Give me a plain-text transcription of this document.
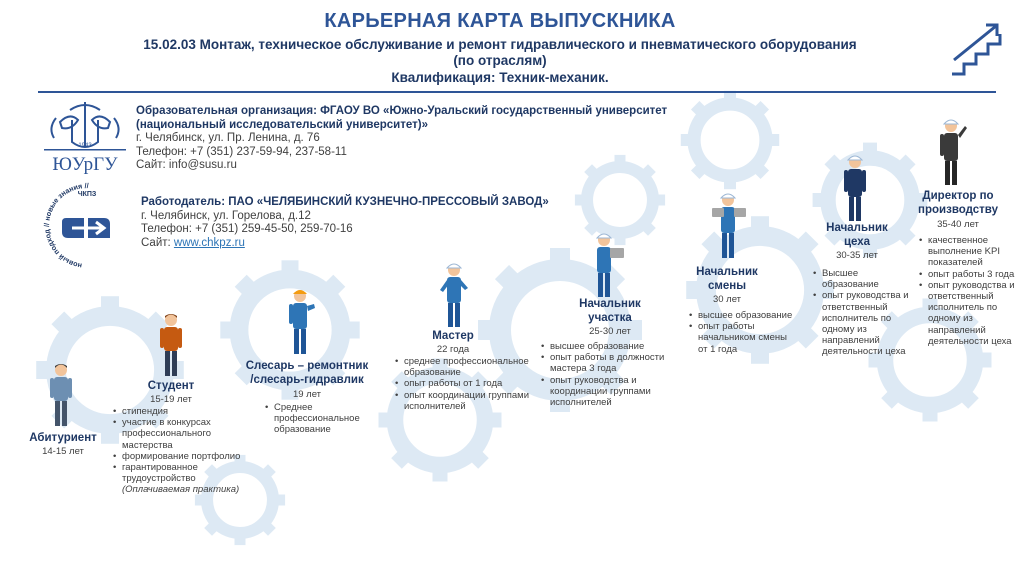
КАРЬЕРНАЯ КАРТА ВЫПУСКНИКА
15.02.03 Монтаж, техническое обслуживание и ремонт гидравлического и пневматического оборудования
(по отраслям)
Квалификация: Техник-механик.
1943
ЮУрГУ
Образовательная организация: ФГАОУ ВО «Южно-Уральский государственный университет
(национальный исследовательский университет)»
г. Челябинск, ул. Пр. Ленина, д. 76
Телефон: +7 (351) 237-59-94, 237-58-11
Сайт: info@susu.ru
новый подход // новые знания //
ЧКПЗ
Работодатель: ПАО «ЧЕЛЯБИНСКИЙ КУЗНЕЧНО-ПРЕССОВЫЙ ЗАВОД»
г. Челябинск, ул. Горелова, д.12
Телефон: +7 (351) 259-45-50, 259-70-16
Сайт: www.chkpz.ru
Абитуриент
14-15 лет
Студент
15-19 лет
• стипендия
• участие в конкурсах профессионального мастерства
• формирование портфолио
• гарантированное трудоустройство
(Оплачиваемая практика)
Слесарь – ремонтник
/слесарь-гидравлик
19 лет
• Среднее профессиональное образование
Мастер
22 года
• среднее профессиональное образование
• опыт работы от 1 года
• опыт координации группами исполнителей
Начальник
участка
25-30 лет
• высшее образование
• опыт работы в должности мастера 3 года
• опыт руководства и координации группами исполнителей
Начальник
смены
30 лет
• высшее образование
• опыт работы начальником смены от 1 года
Начальник
цеха
30-35 лет
• Высшее образование
• опыт руководства и ответственный исполнитель по одному из направлений деятельности цеха
Директор по
производству
35-40 лет
• качественное выполнение KPI показателей
• опыт работы 3 года
• опыт руководства и ответственный исполнитель по одному из направлений деятельности цеха
